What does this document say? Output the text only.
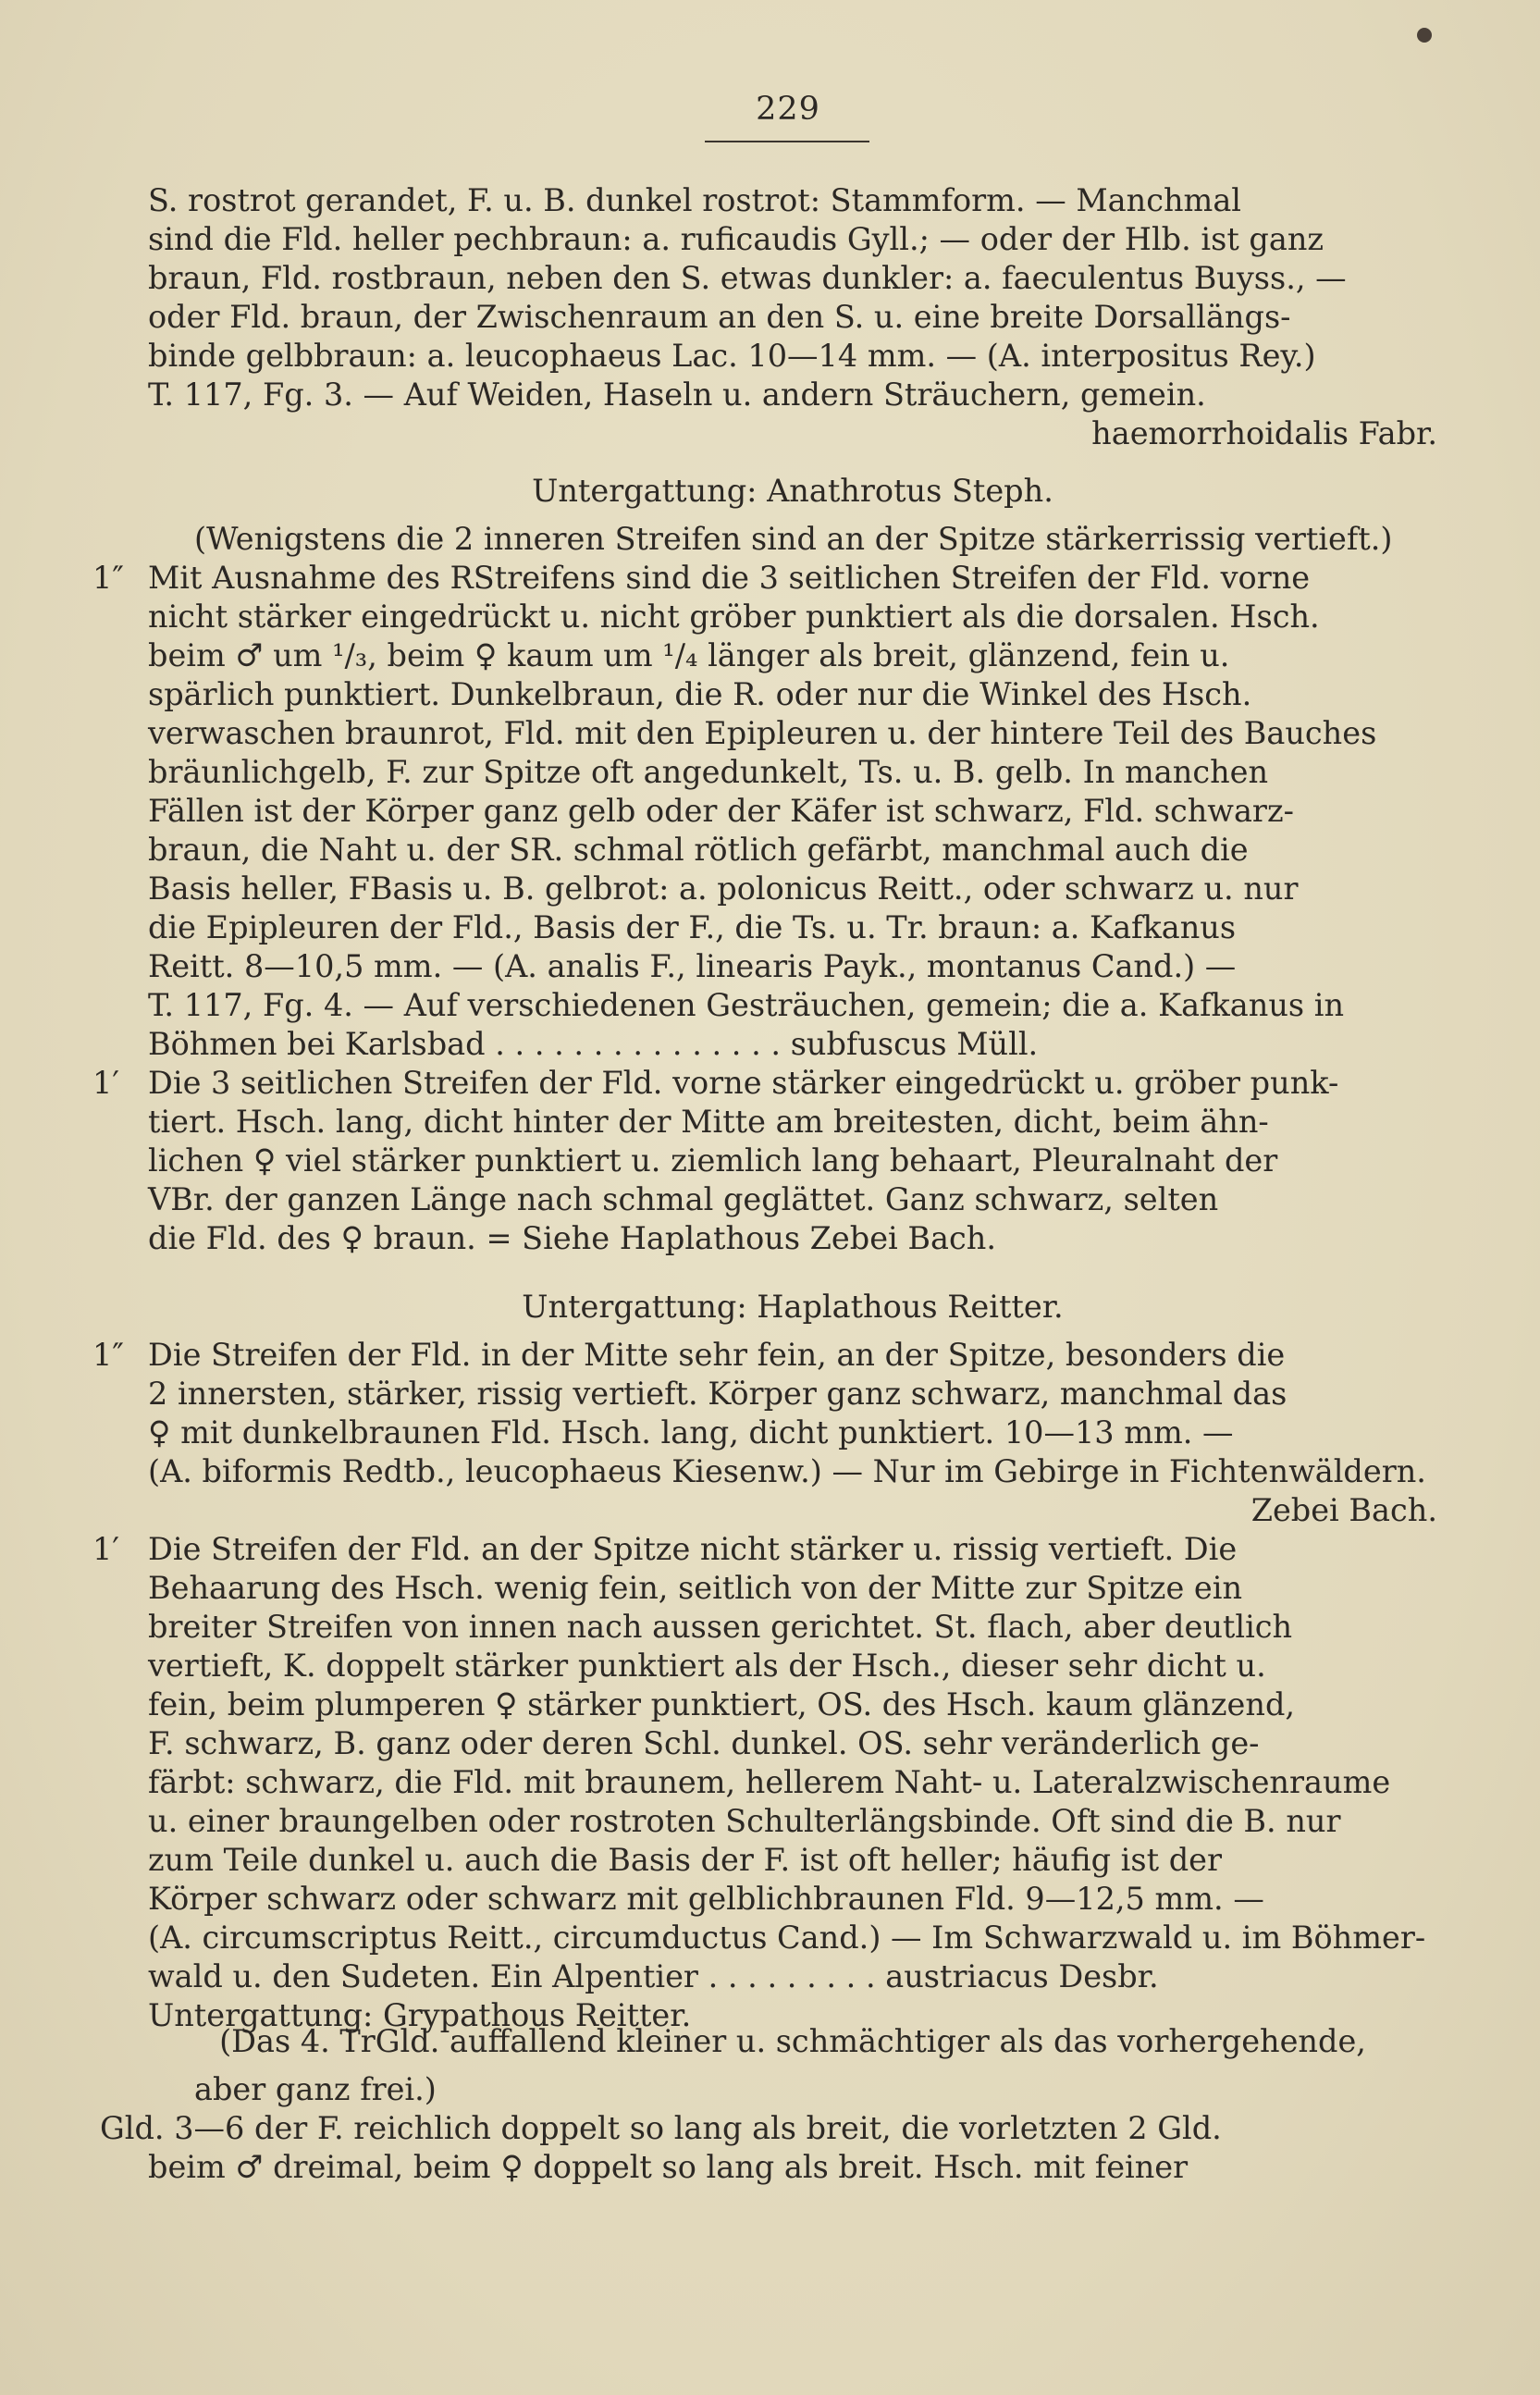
229
S. rostrot gerandet, F. u. B. dunkel rostrot: Stammform. — Manchmal
sind die Fld. heller pechbraun: a. ruficaudis Gyll.; — oder der Hlb. ist ganz
braun, Fld. rostbraun, neben den S. etwas dunkler: a. faeculentus Buyss., —
oder Fld. braun, der Zwischenraum an den S. u. eine breite Dorsallängs-
binde gelbbraun: a. leucophaeus Lac. 10—14 mm. — (A. interpositus Rey.)
T. 117, Fg. 3. — Auf Weiden, Haseln u. andern Sträuchern, gemein.
haemorrhoidalis Fabr.
Untergattung: Anathrotus Steph.
(Wenigstens die 2 inneren Streifen sind an der Spitze stärkerrissig vertieft.)
1″ Mit Ausnahme des RStreifens sind die 3 seitlichen Streifen der Fld. vorne
nicht stärker eingedrückt u. nicht gröber punktiert als die dorsalen. Hsch.
beim ♂ um ¹/₃, beim ♀ kaum um ¹/₄ länger als breit, glänzend, fein u.
spärlich punktiert. Dunkelbraun, die R. oder nur die Winkel des Hsch.
verwaschen braunrot, Fld. mit den Epipleuren u. der hintere Teil des Bauches
bräunlichgelb, F. zur Spitze oft angedunkelt, Ts. u. B. gelb. In manchen
Fällen ist der Körper ganz gelb oder der Käfer ist schwarz, Fld. schwarz-
braun, die Naht u. der SR. schmal rötlich gefärbt, manchmal auch die
Basis heller, FBasis u. B. gelbrot: a. polonicus Reitt., oder schwarz u. nur
die Epipleuren der Fld., Basis der F., die Ts. u. Tr. braun: a. Kafkanus
Reitt. 8—10,5 mm. — (A. analis F., linearis Payk., montanus Cand.) —
T. 117, Fg. 4. — Auf verschiedenen Gesträuchen, gemein; die a. Kafkanus in
Böhmen bei Karlsbad . . . . . . . . . . . . . . . subfuscus Müll.
1′ Die 3 seitlichen Streifen der Fld. vorne stärker eingedrückt u. gröber punk-
tiert. Hsch. lang, dicht hinter der Mitte am breitesten, dicht, beim ähn-
lichen ♀ viel stärker punktiert u. ziemlich lang behaart, Pleuralnaht der
VBr. der ganzen Länge nach schmal geglättet. Ganz schwarz, selten
die Fld. des ♀ braun. = Siehe Haplathous Zebei Bach.
Untergattung: Haplathous Reitter.
1″ Die Streifen der Fld. in der Mitte sehr fein, an der Spitze, besonders die
2 innersten, stärker, rissig vertieft. Körper ganz schwarz, manchmal das
♀ mit dunkelbraunen Fld. Hsch. lang, dicht punktiert. 10—13 mm. —
(A. biformis Redtb., leucophaeus Kiesenw.) — Nur im Gebirge in Fichtenwäldern.
Zebei Bach.
1′ Die Streifen der Fld. an der Spitze nicht stärker u. rissig vertieft. Die
Behaarung des Hsch. wenig fein, seitlich von der Mitte zur Spitze ein
breiter Streifen von innen nach aussen gerichtet. St. flach, aber deutlich
vertieft, K. doppelt stärker punktiert als der Hsch., dieser sehr dicht u.
fein, beim plumperen ♀ stärker punktiert, OS. des Hsch. kaum glänzend,
F. schwarz, B. ganz oder deren Schl. dunkel. OS. sehr veränderlich ge-
färbt: schwarz, die Fld. mit braunem, hellerem Naht- u. Lateralzwischenraume
u. einer braungelben oder rostroten Schulterlängsbinde. Oft sind die B. nur
zum Teile dunkel u. auch die Basis der F. ist oft heller; häufig ist der
Körper schwarz oder schwarz mit gelblichbraunen Fld. 9—12,5 mm. —
(A. circumscriptus Reitt., circumductus Cand.) — Im Schwarzwald u. im Böhmer-
wald u. den Sudeten. Ein Alpentier . . . . . . . . . austriacus Desbr.
Untergattung: Grypathous Reitter.
(Das 4. TrGld. auffallend kleiner u. schmächtiger als das vorhergehende,
aber ganz frei.)
Gld. 3—6 der F. reichlich doppelt so lang als breit, die vorletzten 2 Gld.
beim ♂ dreimal, beim ♀ doppelt so lang als breit. Hsch. mit feiner
